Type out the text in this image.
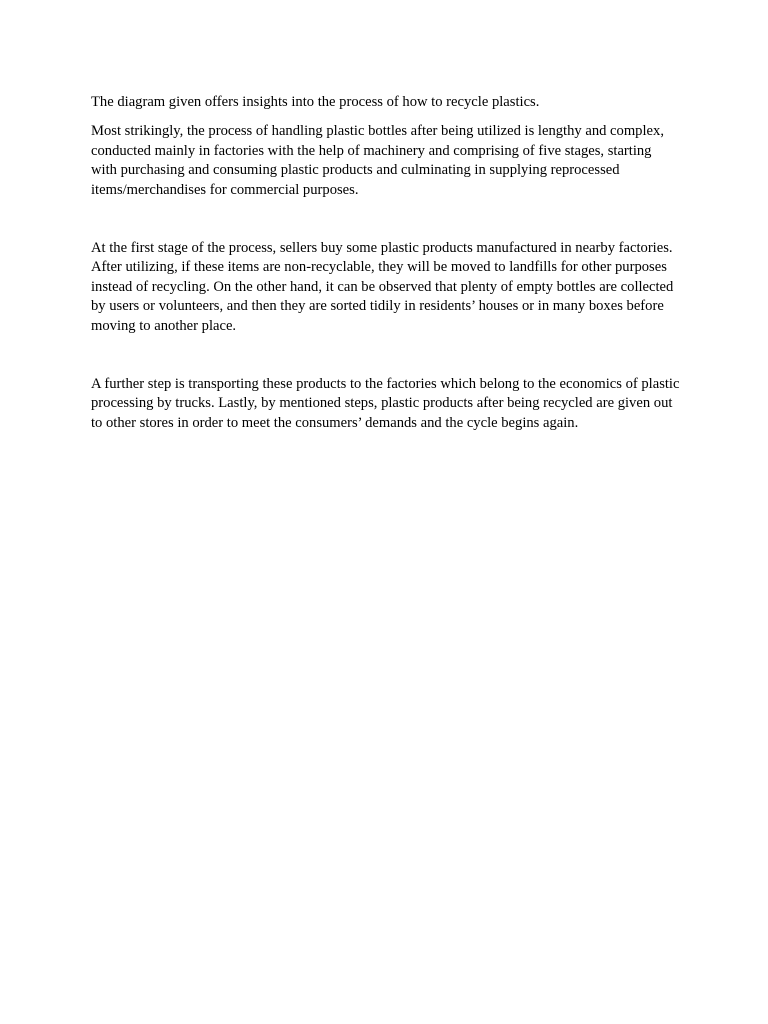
The diagram given offers insights into the process of how to recycle plastics.

Most strikingly, the process of handling plastic bottles after being utilized is lengthy and complex, conducted mainly in factories with the help of machinery and comprising of five stages, starting with purchasing and consuming plastic products and culminating in supplying reprocessed items/merchandises for commercial purposes.

At the first stage of the process, sellers buy some plastic products manufactured in nearby factories. After utilizing, if these items are non-recyclable, they will be moved to landfills for other purposes instead of recycling. On the other hand, it can be observed that plenty of empty bottles are collected by users or volunteers, and then they are sorted tidily in residents’ houses or in many boxes before moving to another place.

A further step is transporting these products to the factories which belong to the economics of plastic processing by trucks. Lastly, by mentioned steps, plastic products after being recycled are given out to other stores in order to meet the consumers’ demands and the cycle begins again.
